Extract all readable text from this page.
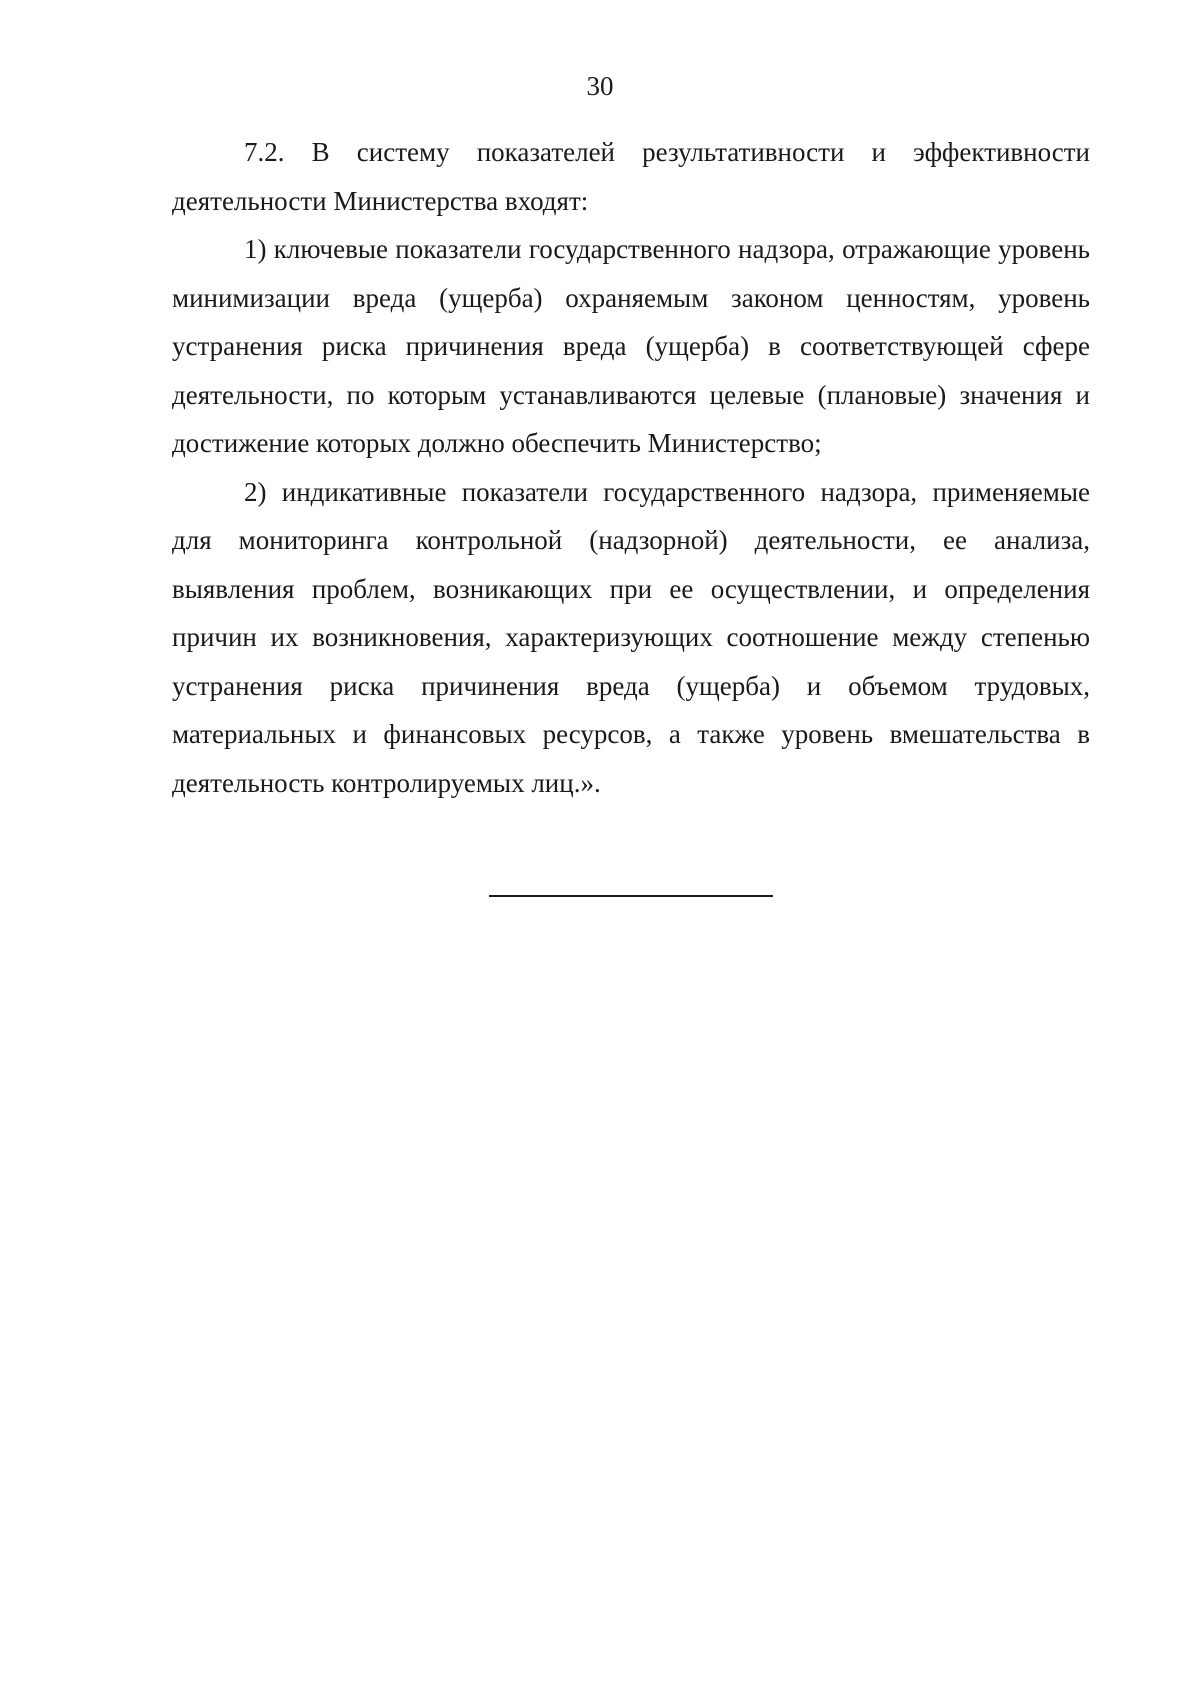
30

7.2. В систему показателей результативности и эффективности деятельности Министерства входят:

1) ключевые показатели государственного надзора, отражающие уровень минимизации вреда (ущерба) охраняемым законом ценностям, уровень устранения риска причинения вреда (ущерба) в соответствующей сфере деятельности, по которым устанавливаются целевые (плановые) значения и достижение которых должно обеспечить Министерство;

2) индикативные показатели государственного надзора, применяемые для мониторинга контрольной (надзорной) деятельности, ее анализа, выявления проблем, возникающих при ее осуществлении, и определения причин их возникновения, характеризующих соотношение между степенью устранения риска причинения вреда (ущерба) и объемом трудовых, материальных и финансовых ресурсов, а также уровень вмешательства в деятельность контролируемых лиц.».
